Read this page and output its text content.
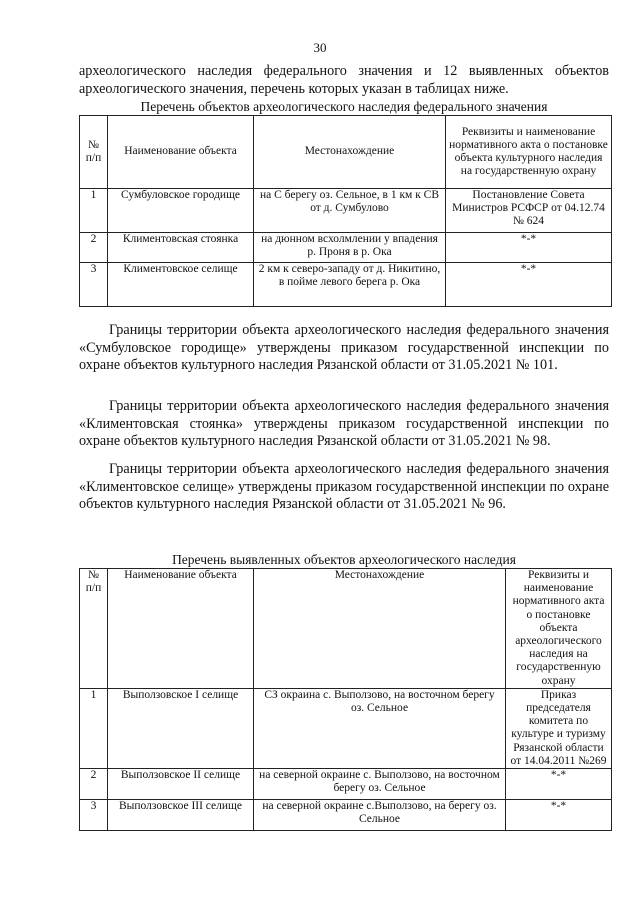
30
археологического наследия федерального значения и 12 выявленных объектов археологического значения, перечень которых указан в таблицах ниже.
Перечень объектов археологического наследия федерального значения
№ п/п	Наименование объекта	Местонахождение	Реквизиты и наименование нормативного акта о постановке объекта культурного наследия на государственную охрану
1	Сумбуловское городище	на С берегу оз. Сельное, в 1 км к СВ от д. Сумбулово	Постановление Совета Министров РСФСР от 04.12.74 № 624
2	Климентовская стоянка	на дюнном всхолмлении у впадения р. Проня в р. Ока	*-*
3	Климентовское селище	2 км к северо-западу от д. Никитино, в пойме левого берега р. Ока	*-*
Границы территории объекта археологического наследия федерального значения «Сумбуловское городище» утверждены приказом государственной инспекции по охране объектов культурного наследия Рязанской области от 31.05.2021 № 101.
Границы территории объекта археологического наследия федерального значения «Климентовская стоянка» утверждены приказом государственной инспекции по охране объектов культурного наследия Рязанской области от 31.05.2021 № 98.
Границы территории объекта археологического наследия федерального значения «Климентовское селище» утверждены приказом государственной инспекции по охране объектов культурного наследия Рязанской области от 31.05.2021 № 96.
Перечень выявленных объектов археологического наследия
№ п/п	Наименование объекта	Местонахождение	Реквизиты и наименование нормативного акта о постановке объекта археологического наследия на государственную охрану
1	Выползовское I селище	СЗ окраина с. Выползово, на восточном берегу оз. Сельное	Приказ председателя комитета по культуре и туризму Рязанской области от 14.04.2011 №269
2	Выползовское II селище	на северной окраине с. Выползово, на восточном берегу оз. Сельное	*-*
3	Выползовское III селище	на северной окраине с.Выползово, на берегу оз. Сельное	*-*
